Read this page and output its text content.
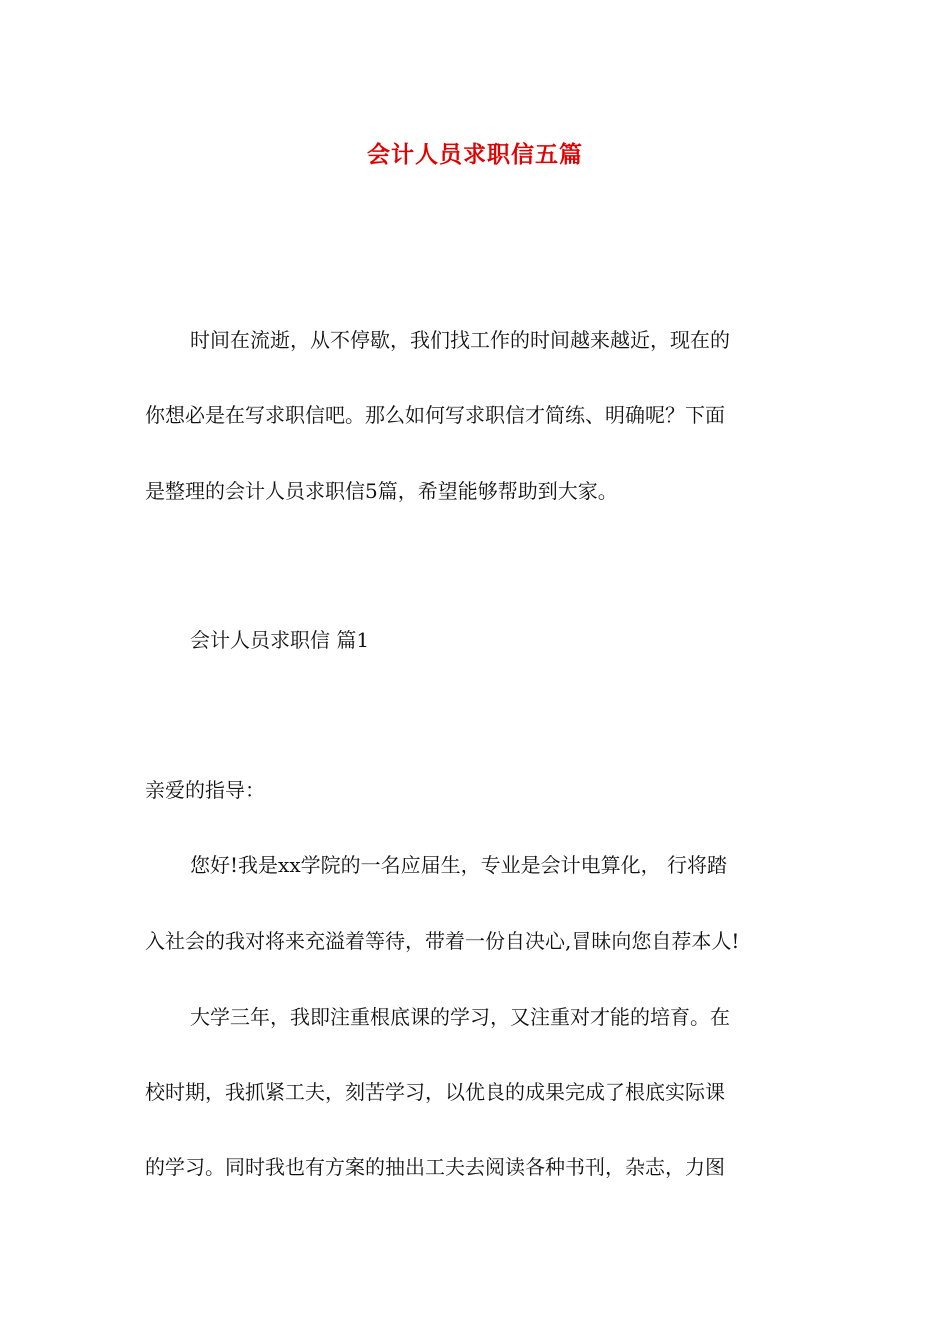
会计人员求职信五篇
时间在流逝，从不停歇，我们找工作的时间越来越近，现在的
你想必是在写求职信吧。那么如何写求职信才简练、明确呢？下面
是整理的会计人员求职信5篇，希望能够帮助到大家。
会计人员求职信 篇1
亲爱的指导：
您好!我是xx学院的一名应届生，专业是会计电算化， 行将踏
入社会的我对将来充溢着等待，带着一份自决心,冒昧向您自荐本人!
大学三年，我即注重根底课的学习，又注重对才能的培育。在
校时期，我抓紧工夫，刻苦学习，以优良的成果完成了根底实际课
的学习。同时我也有方案的抽出工夫去阅读各种书刊，杂志，力图
